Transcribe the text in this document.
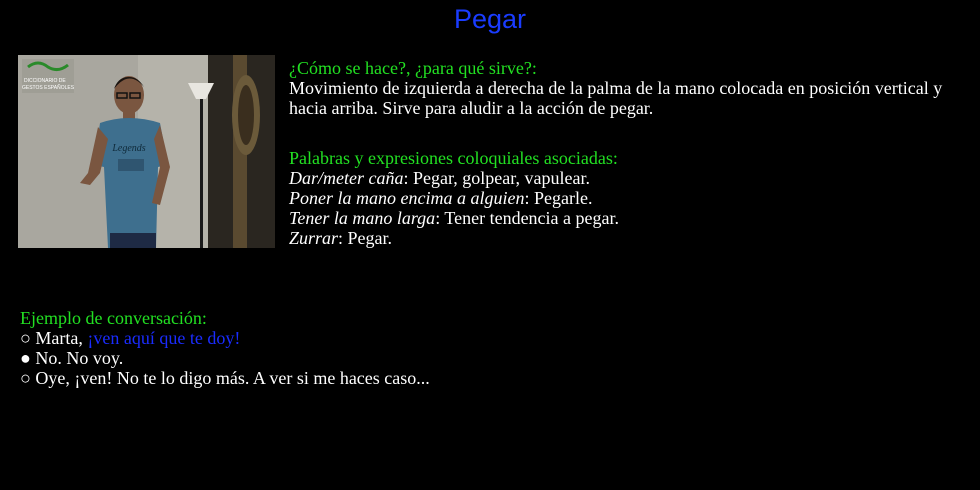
Pegar
Legends
DICCIONARIO DE
GESTOS ESPAÑOLES

¿Cómo se hace?, ¿para qué sirve?:

Movimiento de izquierda a derecha de la palma de la mano colocada en posición vertical y hacia arriba. Sirve para aludir a la acción de pegar.

Palabras y expresiones coloquiales asociadas:

Dar/meter caña: Pegar, golpear, vapulear.

Poner la mano encima a alguien: Pegarle.

Tener la mano larga: Tener tendencia a pegar.

Zurrar: Pegar.

Ejemplo de conversación:

○ Marta, ¡ven aquí que te doy!

● No. No voy.

○ Oye, ¡ven! No te lo digo más. A ver si me haces caso...
